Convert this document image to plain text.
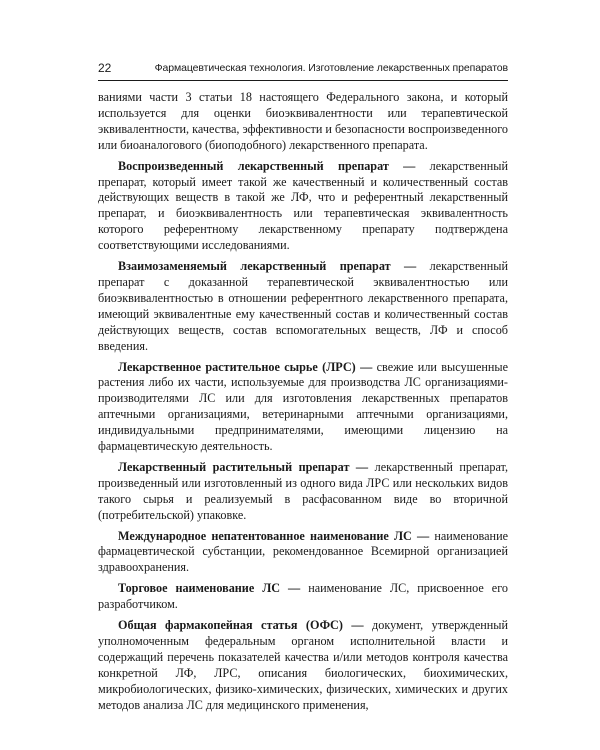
22	Фармацевтическая технология. Изготовление лекарственных препаратов

ваниями части 3 статьи 18 настоящего Федерального закона, и который используется для оценки биоэквивалентности или терапевтической эквивалентности, качества, эффективности и безопасности воспроизведенного или биоаналогового (биоподобного) лекарственного препарата.

Воспроизведенный лекарственный препарат — лекарственный препарат, который имеет такой же качественный и количественный состав действующих веществ в такой же ЛФ, что и референтный лекарственный препарат, и биоэквивалентность или терапевтическая эквивалентность которого референтному лекарственному препарату подтверждена соответствующими исследованиями.

Взаимозаменяемый лекарственный препарат — лекарственный препарат с доказанной терапевтической эквивалентностью или биоэквивалентностью в отношении референтного лекарственного препарата, имеющий эквивалентные ему качественный состав и количественный состав действующих веществ, состав вспомогательных веществ, ЛФ и способ введения.

Лекарственное растительное сырье (ЛРС) — свежие или высушенные растения либо их части, используемые для производства ЛС организациями-производителями ЛС или для изготовления лекарственных препаратов аптечными организациями, ветеринарными аптечными организациями, индивидуальными предпринимателями, имеющими лицензию на фармацевтическую деятельность.

Лекарственный растительный препарат — лекарственный препарат, произведенный или изготовленный из одного вида ЛРС или нескольких видов такого сырья и реализуемый в расфасованном виде во вторичной (потребительской) упаковке.

Международное непатентованное наименование ЛС — наименование фармацевтической субстанции, рекомендованное Всемирной организацией здравоохранения.

Торговое наименование ЛС — наименование ЛС, присвоенное его разработчиком.

Общая фармакопейная статья (ОФС) — документ, утвержденный уполномоченным федеральным органом исполнительной власти и содержащий перечень показателей качества и/или методов контроля качества конкретной ЛФ, ЛРС, описания биологических, биохимических, микробиологических, физико-химических, физических, химических и других методов анализа ЛС для медицинского применения,
